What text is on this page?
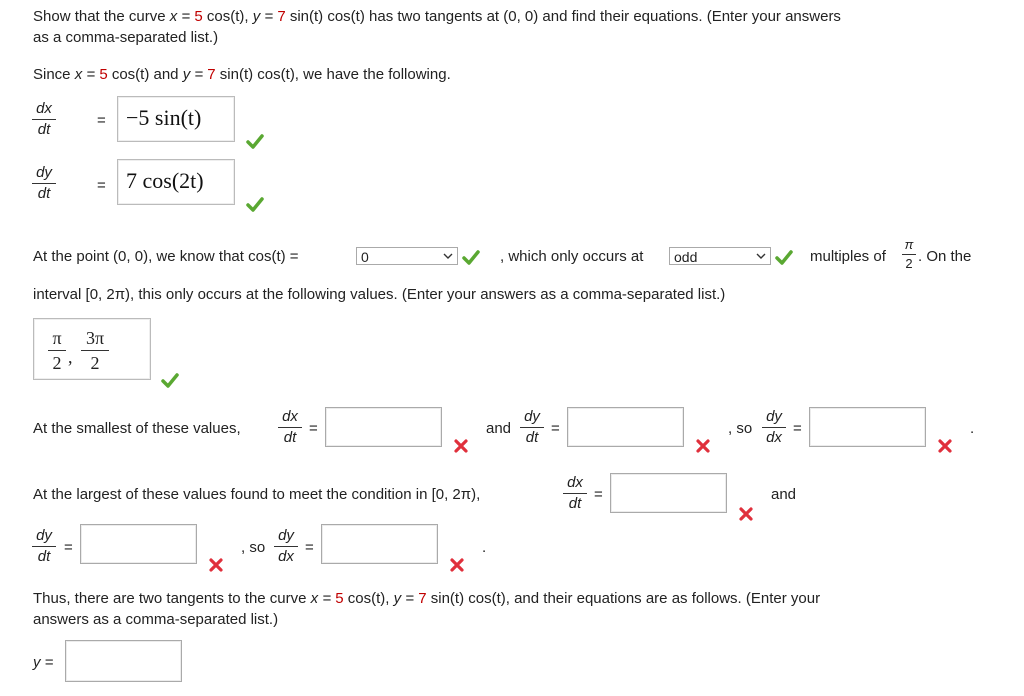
Show that the curve x = 5 cos(t), y = 7 sin(t) cos(t) has two tangents at (0, 0) and find their equations. (Enter your answers
as a comma-separated list.)
Since x = 5 cos(t) and y = 7 sin(t) cos(t), we have the following.
$\frac{dx}{dt}$	= −5 sin(t)
$\frac{dy}{dt}$	= 7 cos(2t)
At the point (0, 0), we know that cos(t) =	0	, which only occurs at	odd	multiples of $\frac{\pi}{2}$ . On the
interval [0, 2π), this only occurs at the following values. (Enter your answers as a comma-separated list.)
$\frac{\pi}{2}$ , $\frac{3\pi}{2}$
At the smallest of these values, $\frac{dx}{dt}$ =	and $\frac{dy}{dt}$ =	, so $\frac{dy}{dx}$ =	.
At the largest of these values found to meet the condition in [0, 2π),	$\frac{dx}{dt}$ =	and
$\frac{dy}{dt}$ =	, so $\frac{dy}{dx}$ =	.
Thus, there are two tangents to the curve x = 5 cos(t), y = 7 sin(t) cos(t), and their equations are as follows. (Enter your
answers as a comma-separated list.)
y =
